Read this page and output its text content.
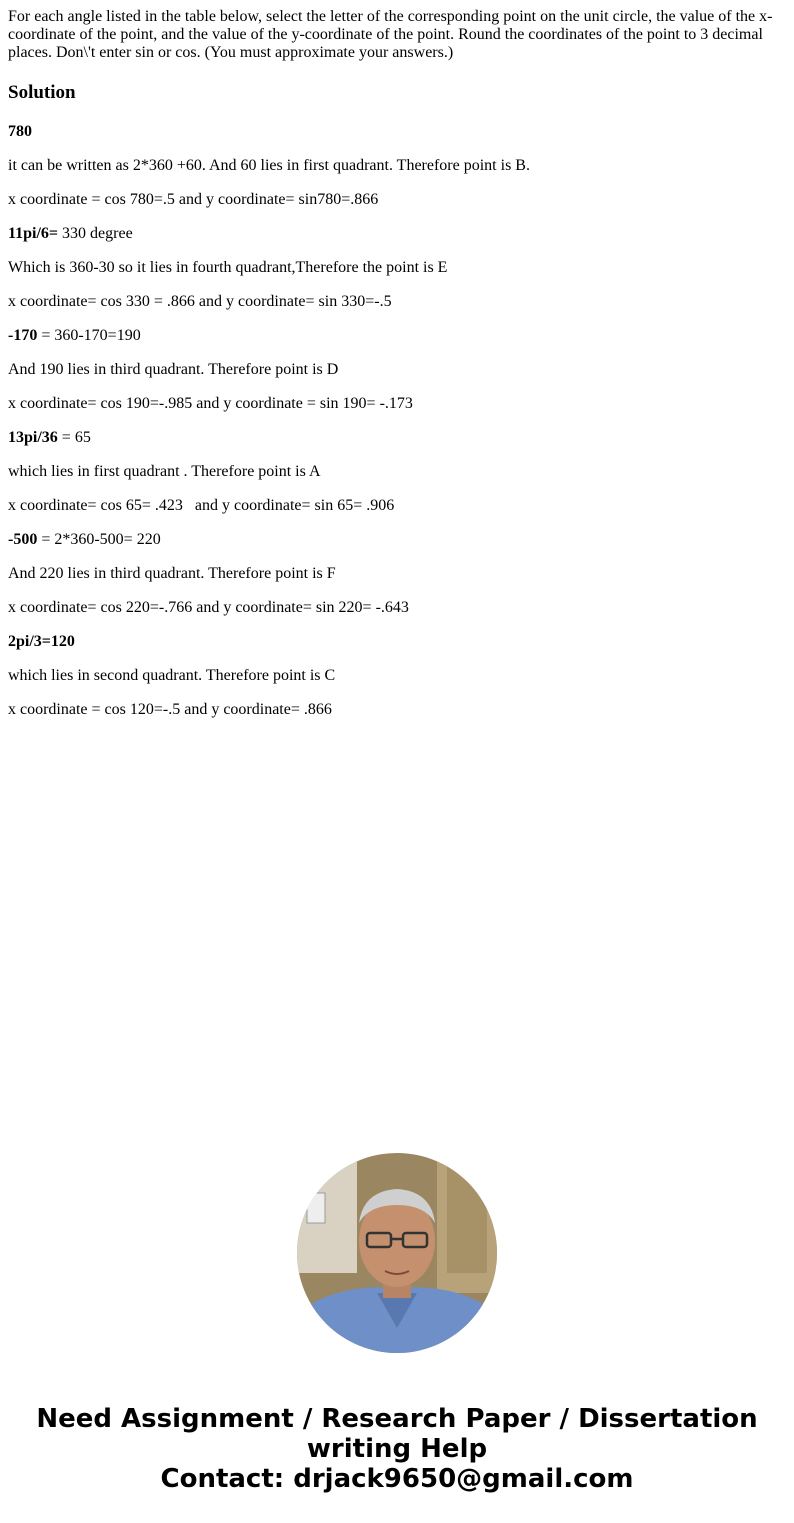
For each angle listed in the table below, select the letter of the corresponding point on the unit circle, the value of the x-coordinate of the point, and the value of the y-coordinate of the point. Round the coordinates of the point to 3 decimal places. Don\'t enter sin or cos. (You must approximate your answers.)

Solution

780

it can be written as 2*360 +60. And 60 lies in first quadrant. Therefore point is B.

x coordinate = cos 780=.5 and y coordinate= sin780=.866

11pi/6= 330 degree

Which is 360-30 so it lies in fourth quadrant,Therefore the point is E

x coordinate= cos 330 = .866 and y coordinate= sin 330=-.5

-170 = 360-170=190

And 190 lies in third quadrant. Therefore point is D

x coordinate= cos 190=-.985 and y coordinate = sin 190= -.173

13pi/36 = 65

which lies in first quadrant . Therefore point is A

x coordinate= cos 65= .423   and y coordinate= sin 65= .906

-500 = 2*360-500= 220

And 220 lies in third quadrant. Therefore point is F

x coordinate= cos 220=-.766 and y coordinate= sin 220= -.643

2pi/3=120

which lies in second quadrant. Therefore point is C

x coordinate = cos 120=-.5 and y coordinate= .866

Need Assignment / Research Paper / Dissertation
writing Help
Contact: drjack9650@gmail.com
